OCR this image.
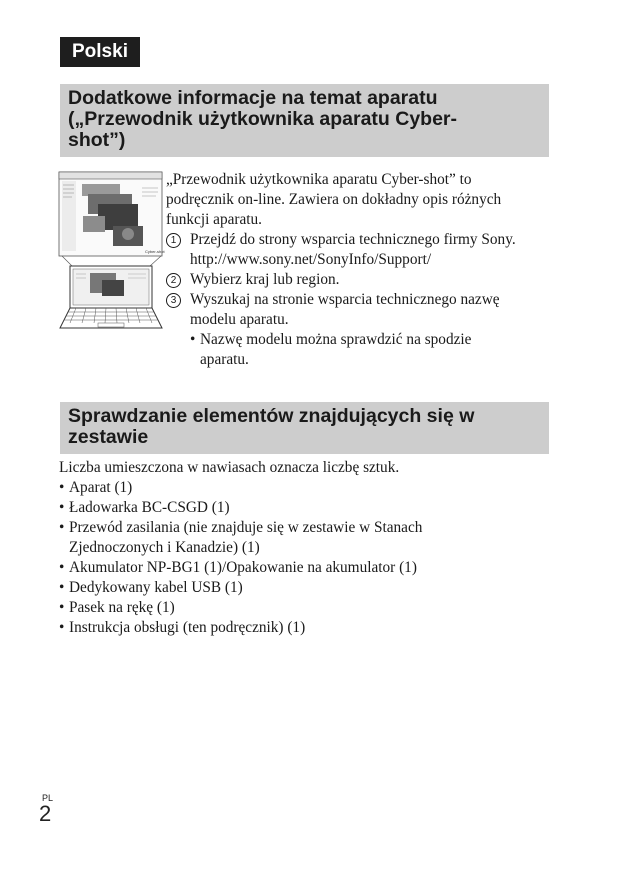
Polski
Dodatkowe informacje na temat aparatu
(„Przewodnik użytkownika aparatu Cyber-
shot”)
Cyber-shot
„Przewodnik użytkownika aparatu Cyber-shot” to
podręcznik on-line. Zawiera on dokładny opis różnych
funkcji aparatu.
1 Przejdź do strony wsparcia technicznego firmy Sony.
http://www.sony.net/SonyInfo/Support/
2 Wybierz kraj lub region.
3 Wyszukaj na stronie wsparcia technicznego nazwę
modelu aparatu.
• Nazwę modelu można sprawdzić na spodzie
aparatu.
Sprawdzanie elementów znajdujących się w
zestawie
Liczba umieszczona w nawiasach oznacza liczbę sztuk.
• Aparat (1)
• Ładowarka BC-CSGD (1)
• Przewód zasilania (nie znajduje się w zestawie w Stanach
Zjednoczonych i Kanadzie) (1)
• Akumulator NP-BG1 (1)/Opakowanie na akumulator (1)
• Dedykowany kabel USB (1)
• Pasek na rękę (1)
• Instrukcja obsługi (ten podręcznik) (1)
PL
2
